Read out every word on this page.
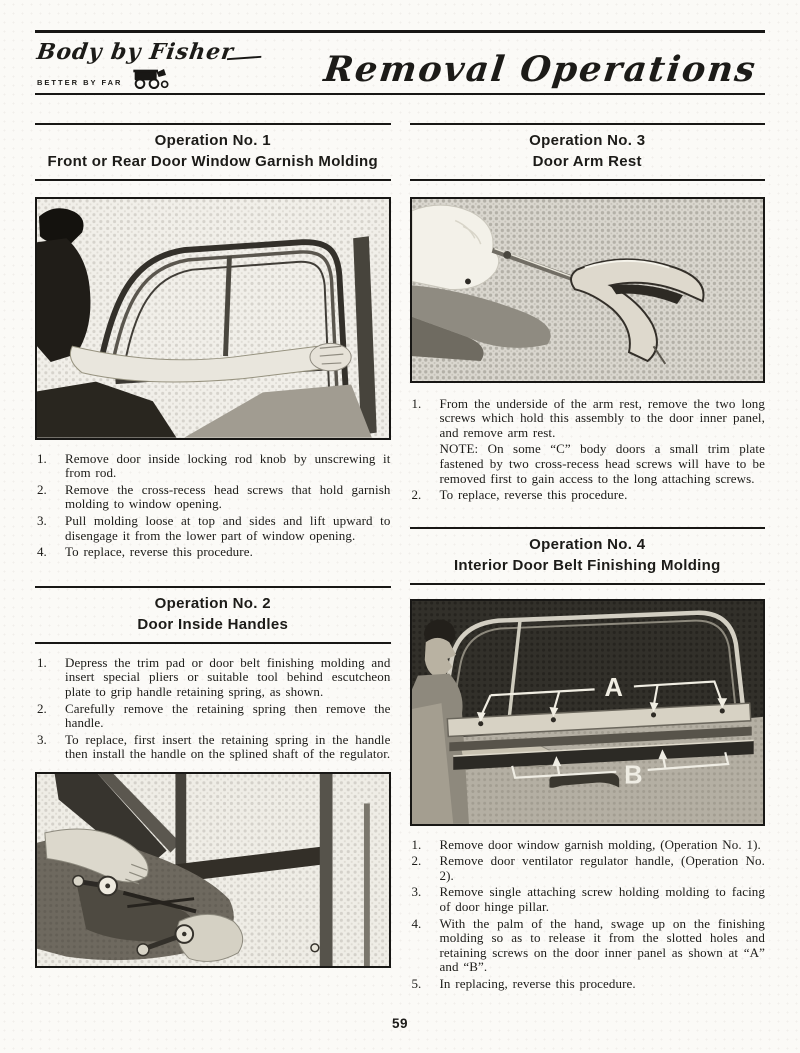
Body by Fisher
BETTER BY FAR	Removal Operations
Operation No. 1
Front or Rear Door Window Garnish Molding
1.	Remove door inside locking rod knob by unscrewing it from rod.
2.	Remove the cross-recess head screws that hold garnish molding to window opening.
3.	Pull molding loose at top and sides and lift upward to disengage it from the lower part of window opening.
4.	To replace, reverse this procedure.
Operation No. 2
Door Inside Handles
1.	Depress the trim pad or door belt finishing molding and insert special pliers or suitable tool behind escutcheon plate to grip handle retaining spring, as shown.
2.	Carefully remove the retaining spring then remove the handle.
3.	To replace, first insert the retaining spring in the handle then install the handle on the splined shaft of the regulator.
Operation No. 3
Door Arm Rest
1.	From the underside of the arm rest, remove the two long screws which hold this assembly to the door inner panel, and remove arm rest.
NOTE: On some “C” body doors a small trim plate fastened by two cross-recess head screws will have to be removed first to gain access to the long attaching screws.
2.	To replace, reverse this procedure.
Operation No. 4
Interior Door Belt Finishing Molding
A
B
1.	Remove door window garnish molding, (Operation No. 1).
2.	Remove door ventilator regulator handle, (Operation No. 2).
3.	Remove single attaching screw holding molding to facing of door hinge pillar.
4.	With the palm of the hand, swage up on the finishing molding so as to release it from the slotted holes and retaining screws on the door inner panel as shown at “A” and “B”.
5.	In replacing, reverse this procedure.
59
